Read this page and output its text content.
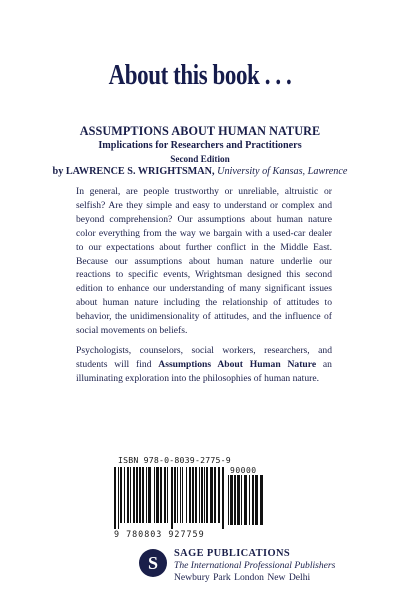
About this book . . .
ASSUMPTIONS ABOUT HUMAN NATURE
Implications for Researchers and Practitioners
Second Edition
by LAWRENCE S. WRIGHTSMAN, University of Kansas, Lawrence

In general, are people trustworthy or unreliable, altruistic or selfish? Are they simple and easy to understand or complex and beyond comprehension? Our assumptions about human nature color everything from the way we bargain with a used-car dealer to our expectations about further conflict in the Middle East. Because our assumptions about human nature underlie our reactions to specific events, Wrightsman designed this second edition to enhance our understanding of many significant issues about human nature including the relationship of attitudes to behavior, the unidimensionality of attitudes, and the influence of social movements on beliefs.

Psychologists, counselors, social workers, researchers, and students will find Assumptions About Human Nature an illuminating exploration into the philosophies of human nature.

ISBN 978-0-8039-2775-9
90000
9 780803 927759
S SAGE PUBLICATIONS
The International Professional Publishers
Newbury Park London New Delhi
